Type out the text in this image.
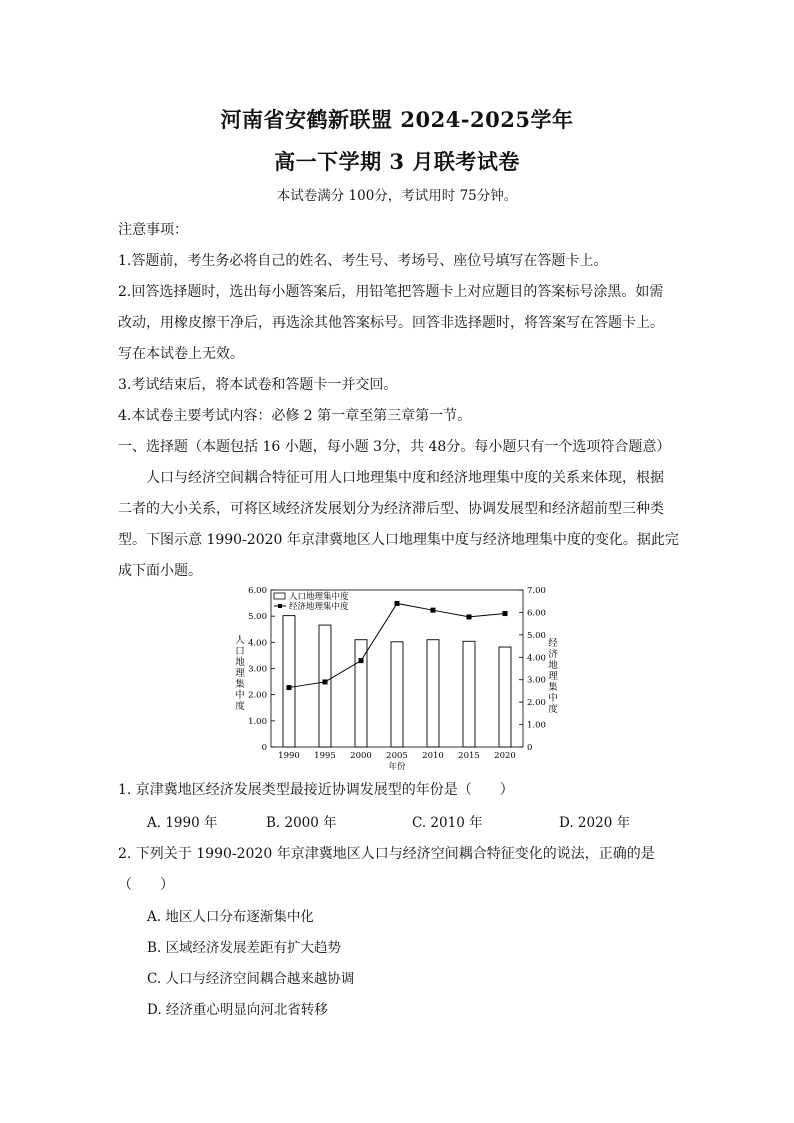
河南省安鹤新联盟 2024-2025学年
高一下学期 3 月联考试卷
本试卷满分 100分，考试用时 75分钟。
注意事项：
1.答题前，考生务必将自己的姓名、考生号、考场号、座位号填写在答题卡上。
2.回答选择题时，选出每小题答案后，用铅笔把答题卡上对应题目的答案标号涂黑。如需
改动，用橡皮擦干净后，再选涂其他答案标号。回答非选择题时，将答案写在答题卡上。
写在本试卷上无效。
3.考试结束后，将本试卷和答题卡一并交回。
4.本试卷主要考试内容：必修 2 第一章至第三章第一节。
一、选择题（本题包括 16 小题，每小题 3分，共 48分。每小题只有一个选项符合题意）
人口与经济空间耦合特征可用人口地理集中度和经济地理集中度的关系来体现，根据
二者的大小关系，可将区域经济发展划分为经济滞后型、协调发展型和经济超前型三种类
型。下图示意 1990-2020 年京津冀地区人口地理集中度与经济地理集中度的变化。据此完
成下面小题。
0
1.00
2.00
3.00
4.00
5.00
6.00
0
1.00
2.00
3.00
4.00
5.00
6.00
7.00
1990 1995 2000 2005 2010 2015 2020
年份
人口地理集中度
经济地理集中度
人口地理集中度
经济地理集中度
1. 京津冀地区经济发展类型最接近协调发展型的年份是（　　）
A. 1990 年	B. 2000 年	C. 2010 年	D. 2020 年
2. 下列关于 1990-2020 年京津冀地区人口与经济空间耦合特征变化的说法，正确的是
（　　）
A. 地区人口分布逐渐集中化
B. 区域经济发展差距有扩大趋势
C. 人口与经济空间耦合越来越协调
D. 经济重心明显向河北省转移
